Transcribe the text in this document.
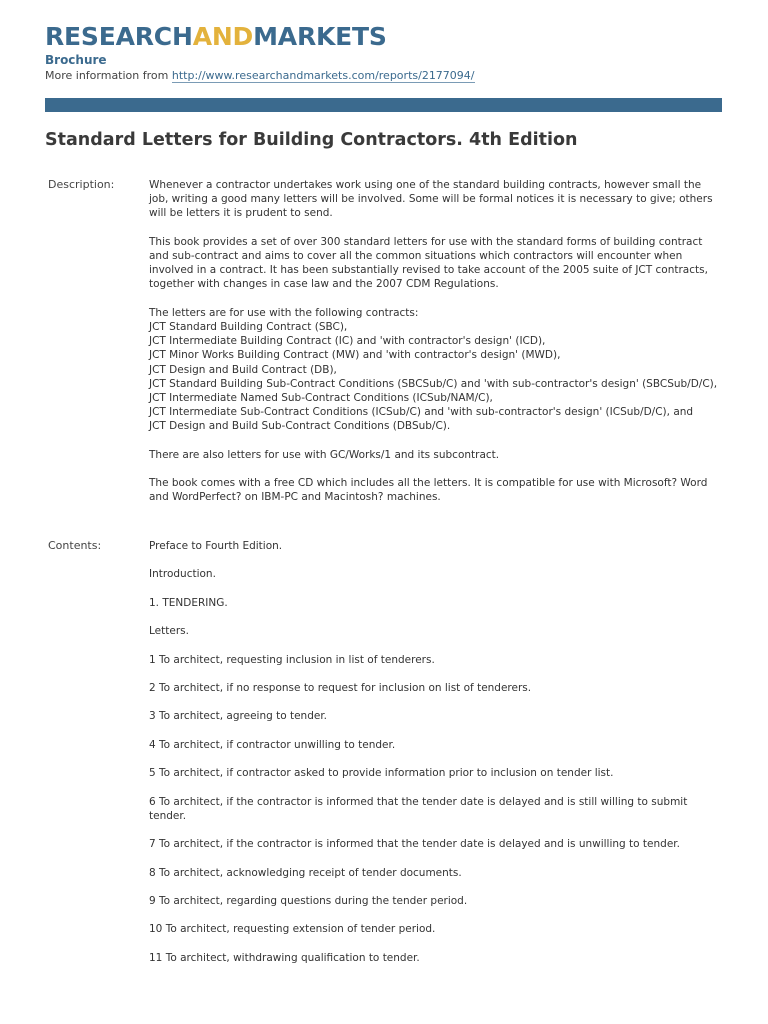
RESEARCHANDMARKETS
Brochure
More information from http://www.researchandmarkets.com/reports/2177094/
Standard Letters for Building Contractors. 4th Edition
Description:	Whenever a contractor undertakes work using one of the standard building contracts, however small the job, writing a good many letters will be involved. Some will be formal notices it is necessary to give; others will be letters it is prudent to send.

This book provides a set of over 300 standard letters for use with the standard forms of building contract and sub-contract and aims to cover all the common situations which contractors will encounter when involved in a contract. It has been substantially revised to take account of the 2005 suite of JCT contracts, together with changes in case law and the 2007 CDM Regulations.

The letters are for use with the following contracts:
JCT Standard Building Contract (SBC),
JCT Intermediate Building Contract (IC) and 'with contractor's design' (ICD),
JCT Minor Works Building Contract (MW) and 'with contractor's design' (MWD),
JCT Design and Build Contract (DB),
JCT Standard Building Sub-Contract Conditions (SBCSub/C) and 'with sub-contractor's design' (SBCSub/D/C),
JCT Intermediate Named Sub-Contract Conditions (ICSub/NAM/C),
JCT Intermediate Sub-Contract Conditions (ICSub/C) and 'with sub-contractor's design' (ICSub/D/C), and
JCT Design and Build Sub-Contract Conditions (DBSub/C).

There are also letters for use with GC/Works/1 and its subcontract.

The book comes with a free CD which includes all the letters. It is compatible for use with Microsoft? Word and WordPerfect? on IBM-PC and Macintosh? machines.

Contents:	Preface to Fourth Edition.

Introduction.

1. TENDERING.

Letters.

1 To architect, requesting inclusion in list of tenderers.

2 To architect, if no response to request for inclusion on list of tenderers.

3 To architect, agreeing to tender.

4 To architect, if contractor unwilling to tender.

5 To architect, if contractor asked to provide information prior to inclusion on tender list.

6 To architect, if the contractor is informed that the tender date is delayed and is still willing to submit tender.

7 To architect, if the contractor is informed that the tender date is delayed and is unwilling to tender.

8 To architect, acknowledging receipt of tender documents.

9 To architect, regarding questions during the tender period.

10 To architect, requesting extension of tender period.

11 To architect, withdrawing qualification to tender.
